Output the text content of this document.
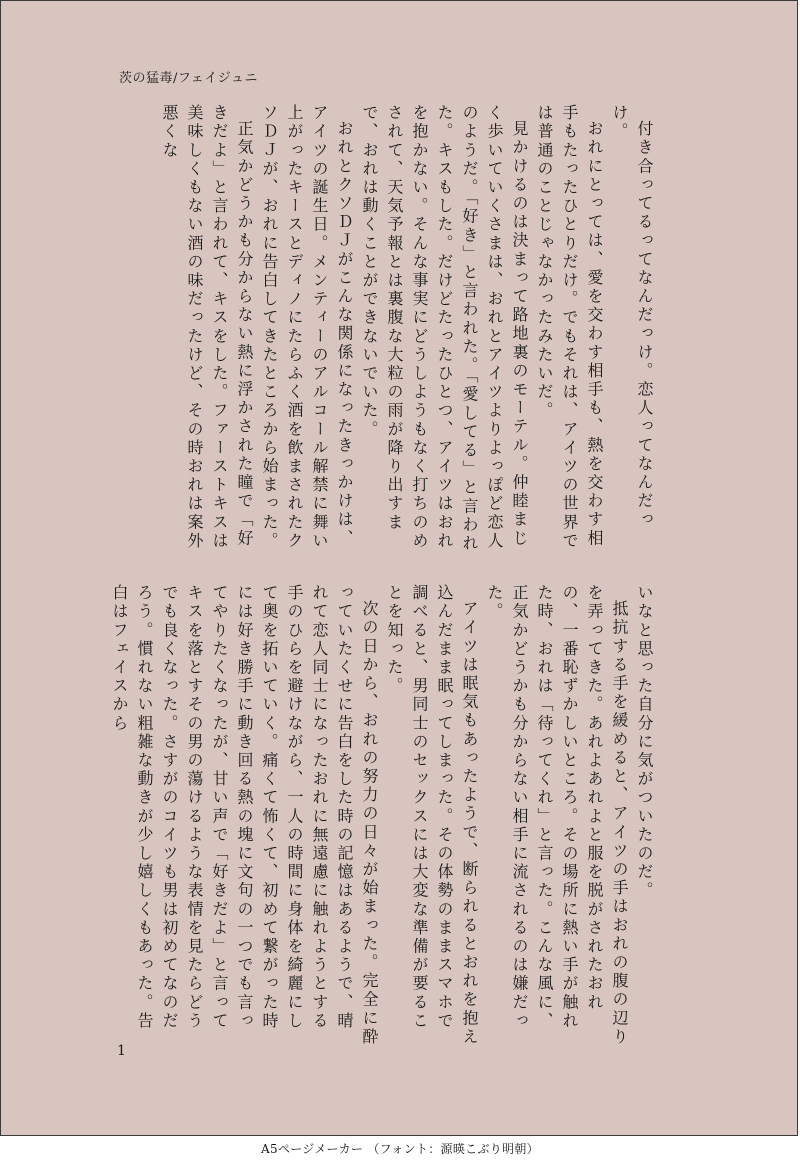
茨の猛毒/フェイジュニ

付き合ってるってなんだっけ。恋人ってなんだっけ。

おれにとっては、愛を交わす相手も、熱を交わす相手もたったひとりだけ。でもそれは、アイツの世界では普通のことじゃなかったみたいだ。

見かけるのは決まって路地裏のモーテル。仲睦まじく歩いていくさまは、おれとアイツよりよっぽど恋人のようだ。「好き」と言われた。「愛してる」と言われた。キスもした。だけどたったひとつ、アイツはおれを抱かない。そんな事実にどうしようもなく打ちのめされて、天気予報とは裏腹な大粒の雨が降り出すまで、おれは動くことができないでいた。

おれとクソＤＪがこんな関係になったきっかけは、アイツの誕生日。メンティーのアルコール解禁に舞い上がったキースとディノにたらふく酒を飲まされたクソＤＪが、おれに告白してきたところから始まった。

正気かどうかも分からない熱に浮かされた瞳で「好きだよ」と言われて、キスをした。ファーストキスは美味しくもない酒の味だったけど、その時おれは案外悪くな

いなと思った自分に気がついたのだ。

抵抗する手を緩めると、アイツの手はおれの腹の辺りを弄ってきた。あれよあれよと服を脱がされたおれの、一番恥ずかしいところ。その場所に熱い手が触れた時、おれは「待ってくれ」と言った。こんな風に、正気かどうかも分からない相手に流されるのは嫌だった。

アイツは眠気もあったようで、断られるとおれを抱え込んだまま眠ってしまった。その体勢のままスマホで調べると、男同士のセックスには大変な準備が要ることを知った。

次の日から、おれの努力の日々が始まった。完全に酔っていたくせに告白をした時の記憶はあるようで、晴れて恋人同士になったおれに無遠慮に触れようとする手のひらを避けながら、一人の時間に身体を綺麗にして奥を拓いていく。痛くて怖くて、初めて繋がった時には好き勝手に動き回る熱の塊に文句の一つでも言ってやりたくなったが、甘い声で「好きだよ」と言ってキスを落とすその男の蕩けるような表情を見たらどうでも良くなった。さすがのコイツも男は初めてなのだろう。慣れない粗雑な動きが少し嬉しくもあった。告白はフェイスから

1
A5ページメーカー （フォント：源暎こぶり明朝）
